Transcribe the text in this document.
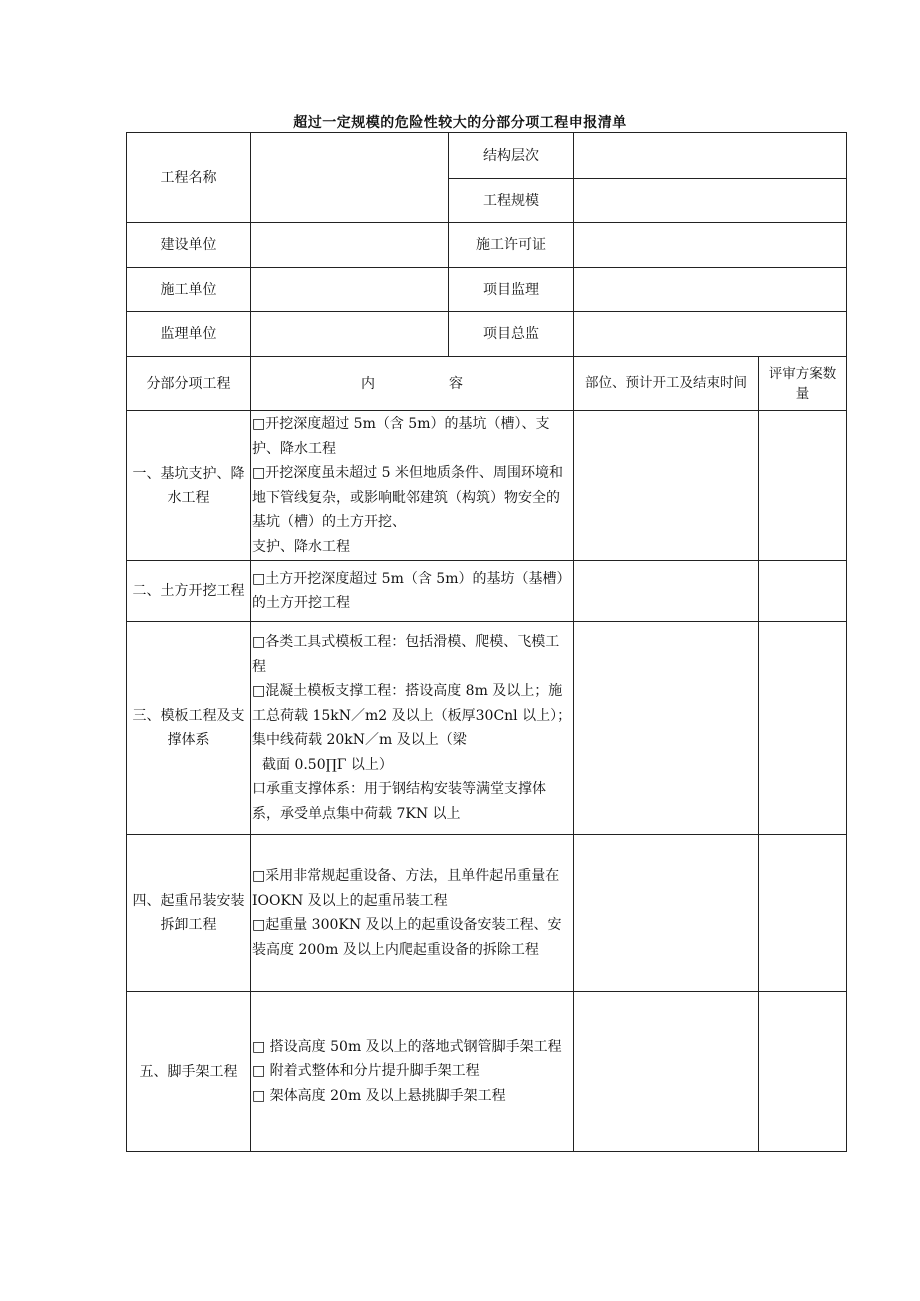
超过一定规模的危险性较大的分部分项工程申报清单
工程名称		结构层次		
		工程规模		
建设单位		施工许可证		
施工单位		项目监理		
监理单位		项目总监		
分部分项工程	内 容		部位、预计开工及结束时间	评审方案数量
一、基坑支护、降水工程	□开挖深度超过 5m（含 5m）的基坑（槽）、支护、降水工程
□开挖深度虽未超过 5 米但地质条件、周围环境和地下管线复杂，或影响毗邻建筑（构筑）物安全的基坑（槽）的土方开挖、
支护、降水工程			

二、土方开挖工程	□土方开挖深度超过 5m（含 5m）的基坊（基槽）的土方开挖工程			

三、模板工程及支撑体系	□各类工具式模板工程：包括滑模、爬模、飞模工程
□混凝土模板支撑工程：搭设高度 8m 及以上；施工总荷载 15kN／m2 及以上（板厚30Cnl 以上）；集中线荷载 20kN／m 及以上（梁
截面 0.50∏Γ 以上）
口承重支撑体系：用于钢结构安装等满堂支撑体系，承受单点集中荷载 7KN 以上			

四、起重吊装安装拆卸工程	□采用非常规起重设备、方法，且单件起吊重量在 IOOKN 及以上的起重吊装工程
□起重量 300KN 及以上的起重设备安装工程、安装高度 200m 及以上内爬起重设备的拆除工程			

五、脚手架工程	□ 搭设高度 50m 及以上的落地式钢管脚手架工程
□ 附着式整体和分片提升脚手架工程
□ 架体高度 20m 及以上悬挑脚手架工程			
